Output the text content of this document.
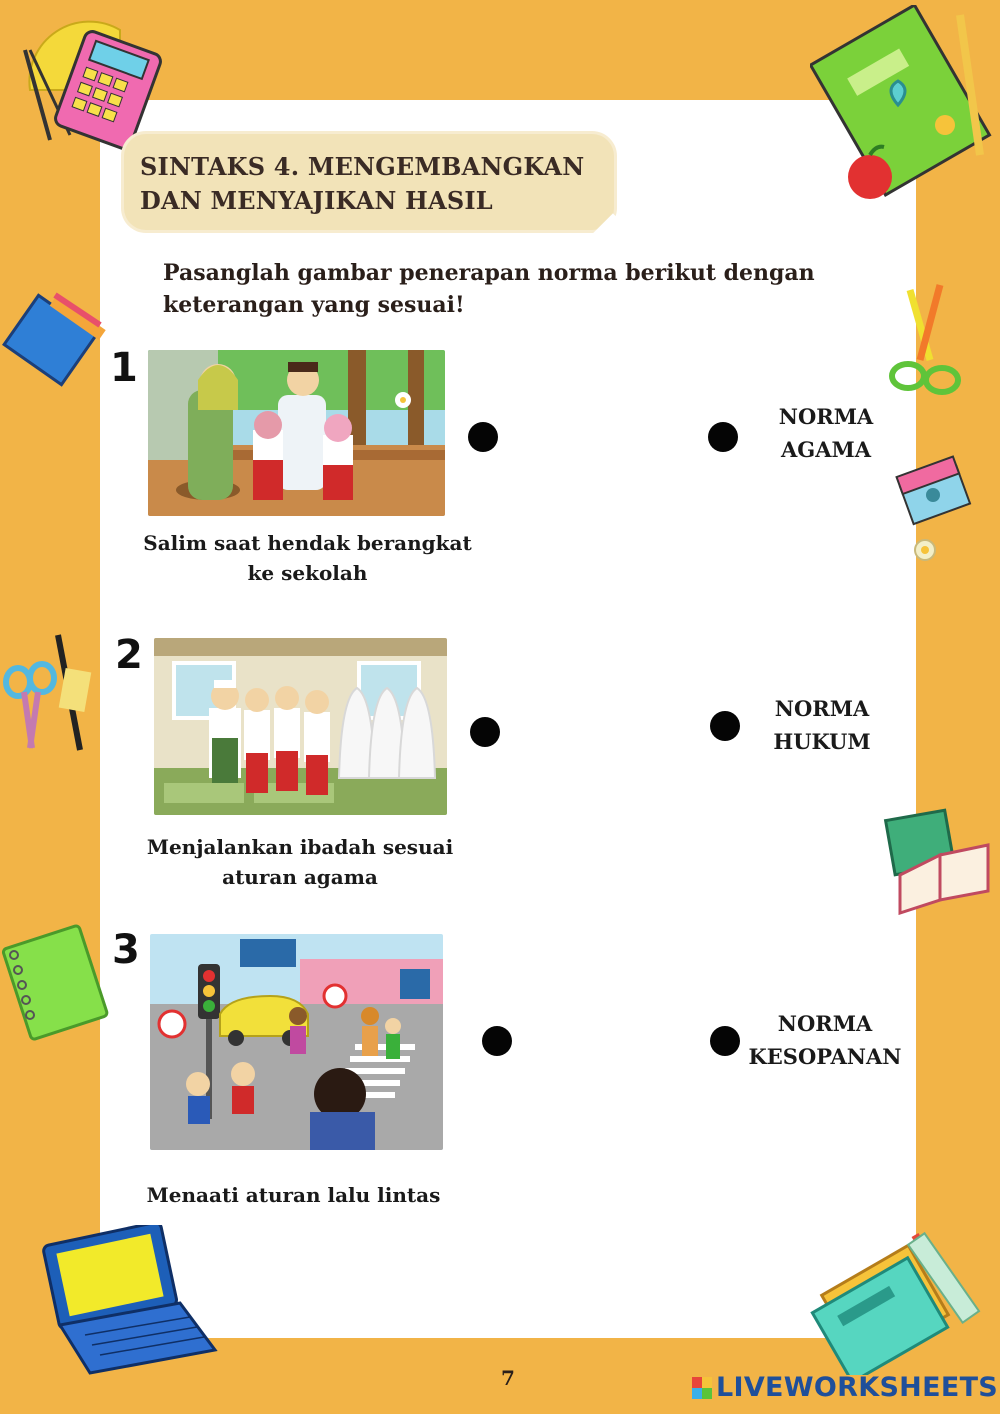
SINTAKS 4. MENGEMBANGKAN
DAN MENYAJIKAN HASIL
Pasanglah gambar penerapan norma berikut dengan
keterangan yang sesuai!
1
Salim saat hendak berangkat
ke sekolah
NORMA
AGAMA
2
Menjalankan ibadah sesuai
aturan agama
NORMA
HUKUM
3
Menaati aturan lalu lintas
NORMA
KESOPANAN
7	LIVEWORKSHEETS
